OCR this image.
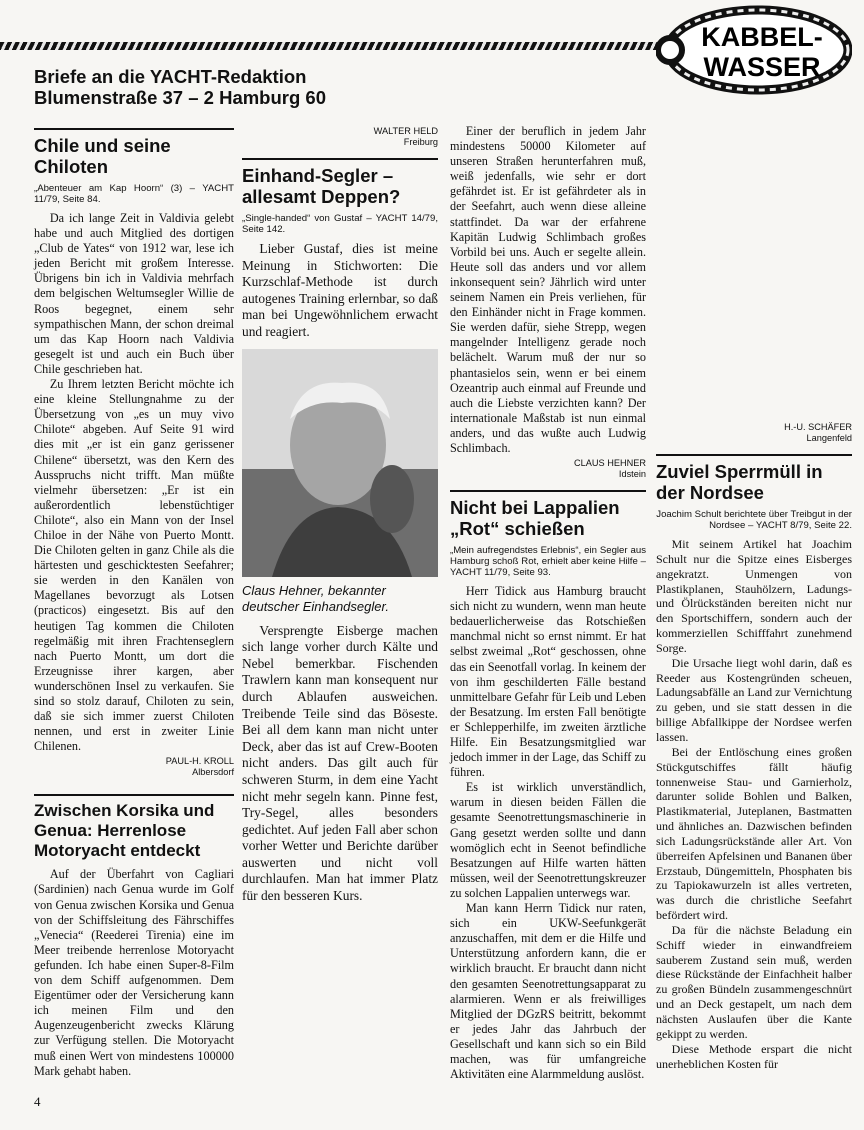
KABBEL-
WASSER
Briefe an die YACHT-Redaktion
Blumenstraße 37 – 2 Hamburg 60
Chile und seine Chiloten
„Abenteuer am Kap Hoorn“ (3) – YACHT 11/79, Seite 84.

Da ich lange Zeit in Valdivia gelebt habe und auch Mitglied des dortigen „Club de Yates“ von 1912 war, lese ich jeden Bericht mit großem Interesse. Übrigens bin ich in Valdivia mehrfach dem belgischen Weltumsegler Willie de Roos begegnet, einem sehr sympathischen Mann, der schon dreimal um das Kap Hoorn nach Valdivia gesegelt ist und auch ein Buch über Chile geschrieben hat.

Zu Ihrem letzten Bericht möchte ich eine kleine Stellungnahme zu der Übersetzung von „es un muy vivo Chilote“ abgeben. Auf Seite 91 wird dies mit „er ist ein ganz gerissener Chilene“ übersetzt, was den Kern des Ausspruchs nicht trifft. Man müßte vielmehr übersetzen: „Er ist ein außerordentlich lebenstüchtiger Chilote“, also ein Mann von der Insel Chiloe in der Nähe von Puerto Montt. Die Chiloten gelten in ganz Chile als die härtesten und geschicktesten Seefahrer; sie werden in den Kanälen von Magellanes bevorzugt als Lotsen (practicos) eingesetzt. Bis auf den heutigen Tag kommen die Chiloten regelmäßig mit ihren Frachtenseglern nach Puerto Montt, um dort die Erzeugnisse ihrer kargen, aber wunderschönen Insel zu verkaufen. Sie sind so stolz darauf, Chiloten zu sein, daß sie sich immer zuerst Chiloten nennen, und erst in zweiter Linie Chilenen.

PAUL-H. KROLL
Albersdorf
Zwischen Korsika und Genua: Herrenlose Motoryacht entdeckt

Auf der Überfahrt von Cagliari (Sardinien) nach Genua wurde im Golf von Genua zwischen Korsika und Genua von der Schiffsleitung des Fährschiffes „Venecia“ (Reederei Tirenia) eine im Meer treibende herrenlose Motoryacht gefunden. Ich habe einen Super-8-Film von dem Schiff aufgenommen. Dem Eigentümer oder der Versicherung kann ich meinen Film und den Augenzeugenbericht zwecks Klärung zur Verfügung stellen. Die Motoryacht muß einen Wert von mindestens 100000 Mark gehabt haben.

WALTER HELD
Freiburg
Einhand-Segler – allesamt Deppen?
„Single-handed“ von Gustaf – YACHT 14/79, Seite 142.

Lieber Gustaf, dies ist meine Meinung in Stichworten: Die Kurzschlaf-Methode ist durch autogenes Training erlernbar, so daß man bei Ungewöhnlichem erwacht und reagiert.

Claus Hehner, bekannter deutscher Einhandsegler.

Versprengte Eisberge machen sich lange vorher durch Kälte und Nebel bemerkbar. Fischenden Trawlern kann man konsequent nur durch Ablaufen ausweichen. Treibende Teile sind das Böseste. Bei all dem kann man nicht unter Deck, aber das ist auf Crew-Booten nicht anders. Das gilt auch für schweren Sturm, in dem eine Yacht nicht mehr segeln kann. Pinne fest, Try-Segel, alles besonders gedichtet. Auf jeden Fall aber schon vorher Wetter und Berichte darüber auswerten und nicht voll durchlaufen. Man hat immer Platz für den besseren Kurs.

Einer der beruflich in jedem Jahr mindestens 50000 Kilometer auf unseren Straßen herunterfahren muß, weiß jedenfalls, wie sehr er dort gefährdet ist. Er ist gefährdeter als in der Seefahrt, auch wenn diese alleine stattfindet. Da war der erfahrene Kapitän Ludwig Schlimbach großes Vorbild bei uns. Auch er segelte allein. Heute soll das anders und vor allem inkonsequent sein? Jährlich wird unter seinem Namen ein Preis verliehen, für den Einhänder nicht in Frage kommen. Sie werden dafür, siehe Strepp, wegen mangelnder Intelligenz gerade noch belächelt. Warum muß der nur so phantasielos sein, wenn er bei einem Ozeantrip auch einmal auf Freunde und auch die Liebste verzichten kann? Der internationale Maßstab ist nun einmal anders, und das wußte auch Ludwig Schlimbach.

CLAUS HEHNER
Idstein
Nicht bei Lappalien „Rot“ schießen
„Mein aufregendstes Erlebnis“, ein Segler aus Hamburg schoß Rot, erhielt aber keine Hilfe – YACHT 11/79, Seite 93.

Herr Tidick aus Hamburg braucht sich nicht zu wundern, wenn man heute bedauerlicherweise das Rotschießen manchmal nicht so ernst nimmt. Er hat selbst zweimal „Rot“ geschossen, ohne das ein Seenotfall vorlag. In keinem der von ihm geschilderten Fälle bestand unmittelbare Gefahr für Leib und Leben der Besatzung. Im ersten Fall benötigte er Schlepperhilfe, im zweiten ärztliche Hilfe. Ein Besatzungsmitglied war jedoch immer in der Lage, das Schiff zu führen.

Es ist wirklich unverständlich, warum in diesen beiden Fällen die gesamte Seenotrettungsmaschinerie in Gang gesetzt werden sollte und dann womöglich echt in Seenot befindliche Besatzungen auf Hilfe warten hätten müssen, weil der Seenotrettungskreuzer zu solchen Lappalien unterwegs war.

Man kann Herrn Tidick nur raten, sich ein UKW-Seefunkgerät anzuschaffen, mit dem er die Hilfe und Unterstützung anfordern kann, die er wirklich braucht. Er braucht dann nicht den gesamten Seenotrettungsapparat zu alarmieren. Wenn er als freiwilliges Mitglied der DGzRS beitritt, bekommt er jedes Jahr das Jahrbuch der Gesellschaft und kann sich so ein Bild machen, was für umfangreiche Aktivitäten eine Alarmmeldung auslöst.

H.-U. SCHÄFER
Langenfeld
Zuviel Sperrmüll in der Nordsee
Joachim Schult berichtete über Treibgut in der Nordsee – YACHT 8/79, Seite 22.

Mit seinem Artikel hat Joachim Schult nur die Spitze eines Eisberges angekratzt. Unmengen von Plastikplanen, Stauhölzern, Ladungs- und Ölrückständen bereiten nicht nur den Sportschiffern, sondern auch der kommerziellen Schifffahrt zunehmend Sorge.

Die Ursache liegt wohl darin, daß es Reeder aus Kostengründen scheuen, Ladungsabfälle an Land zur Vernichtung zu geben, und sie statt dessen in die billige Abfallkippe der Nordsee werfen lassen.

Bei der Entlöschung eines großen Stückgutschiffes fällt häufig tonnenweise Stau- und Garnierholz, darunter solide Bohlen und Balken, Plastikmaterial, Juteplanen, Bastmatten und ähnliches an. Dazwischen befinden sich Ladungsrückstände aller Art. Von überreifen Apfelsinen und Bananen über Erzstaub, Düngemitteln, Phosphaten bis zu Tapiokawurzeln ist alles vertreten, was durch die christliche Seefahrt befördert wird.

Da für die nächste Beladung ein Schiff wieder in einwandfreiem sauberem Zustand sein muß, werden diese Rückstände der Einfachheit halber zu großen Bündeln zusammengeschnürt und an Deck gestapelt, um nach dem nächsten Auslaufen über die Kante gekippt zu werden.

Diese Methode erspart die nicht unerheblichen Kosten für

4
